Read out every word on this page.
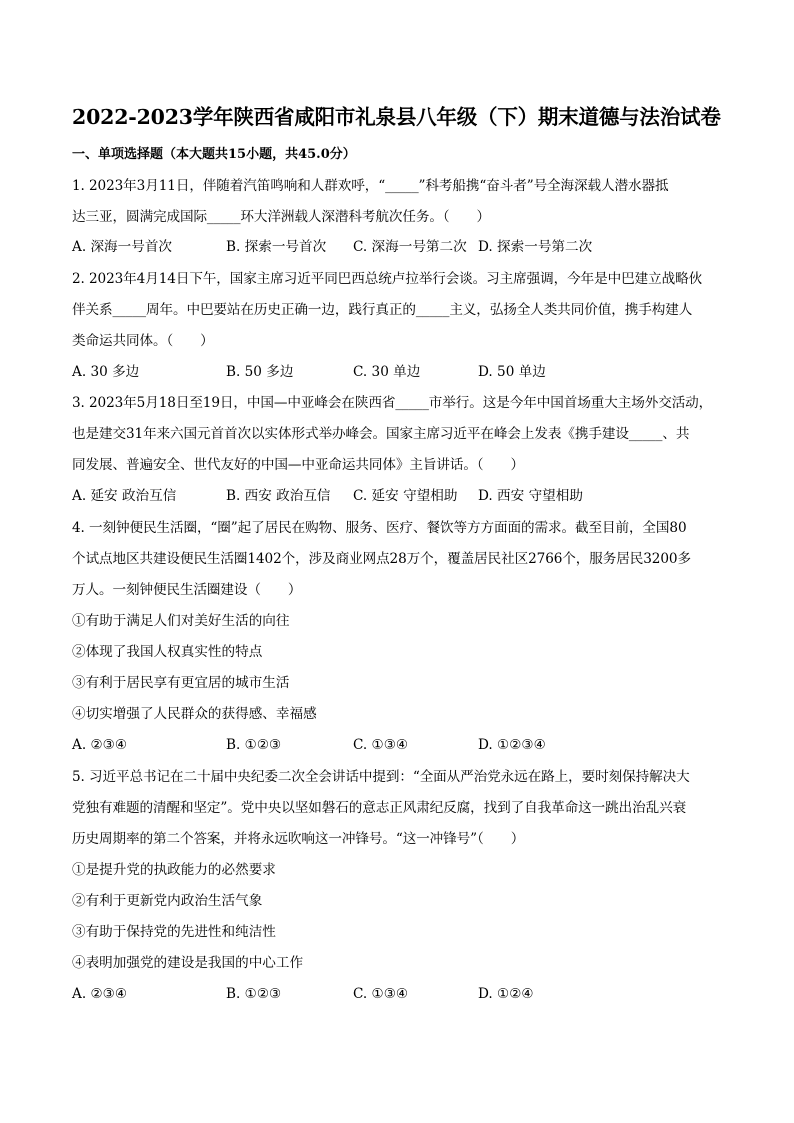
2022-2023学年陕西省咸阳市礼泉县八年级（下）期末道德与法治试卷
一、单项选择题（本大题共15小题，共45.0分）
1. 2023年3月11日，伴随着汽笛鸣响和人群欢呼，“_____”科考船携“奋斗者”号全海深载人潜水器抵
达三亚，圆满完成国际_____环大洋洲载人深潜科考航次任务。（　　）
A. 深海一号首次	B. 探索一号首次 C. 深海一号第二次 D. 探索一号第二次
2. 2023年4月14日下午，国家主席习近平同巴西总统卢拉举行会谈。习主席强调，今年是中巴建立战略伙
伴关系_____周年。中巴要站在历史正确一边，践行真正的_____主义，弘扬全人类共同价值，携手构建人
类命运共同体。（　　）
A. 30 多边	B. 50 多边	C. 30 单边	D. 50 单边
3. 2023年5月18日至19日，中国—中亚峰会在陕西省_____市举行。这是今年中国首场重大主场外交活动，
也是建交31年来六国元首首次以实体形式举办峰会。国家主席习近平在峰会上发表《携手建设_____、共
同发展、普遍安全、世代友好的中国—中亚命运共同体》主旨讲话。（　　）
A. 延安 政治互信	B. 西安 政治互信 C. 延安 守望相助 D. 西安 守望相助
4. 一刻钟便民生活圈，“圈”起了居民在购物、服务、医疗、餐饮等方方面面的需求。截至目前，全国80
个试点地区共建设便民生活圈1402个，涉及商业网点28万个，覆盖居民社区2766个，服务居民3200多
万人。一刻钟便民生活圈建设（　　）
①有助于满足人们对美好生活的向往
②体现了我国人权真实性的特点
③有利于居民享有更宜居的城市生活
④切实增强了人民群众的获得感、幸福感
A. ②③④	B. ①②③	C. ①③④	D. ①②③④
5. 习近平总书记在二十届中央纪委二次全会讲话中提到：“全面从严治党永远在路上，要时刻保持解决大
党独有难题的清醒和坚定”。党中央以坚如磐石的意志正风肃纪反腐，找到了自我革命这一跳出治乱兴衰
历史周期率的第二个答案，并将永远吹响这一冲锋号。“这一冲锋号”（　　）
①是提升党的执政能力的必然要求
②有利于更新党内政治生活气象
③有助于保持党的先进性和纯洁性
④表明加强党的建设是我国的中心工作
A. ②③④	B. ①②③	C. ①③④	D. ①②④
